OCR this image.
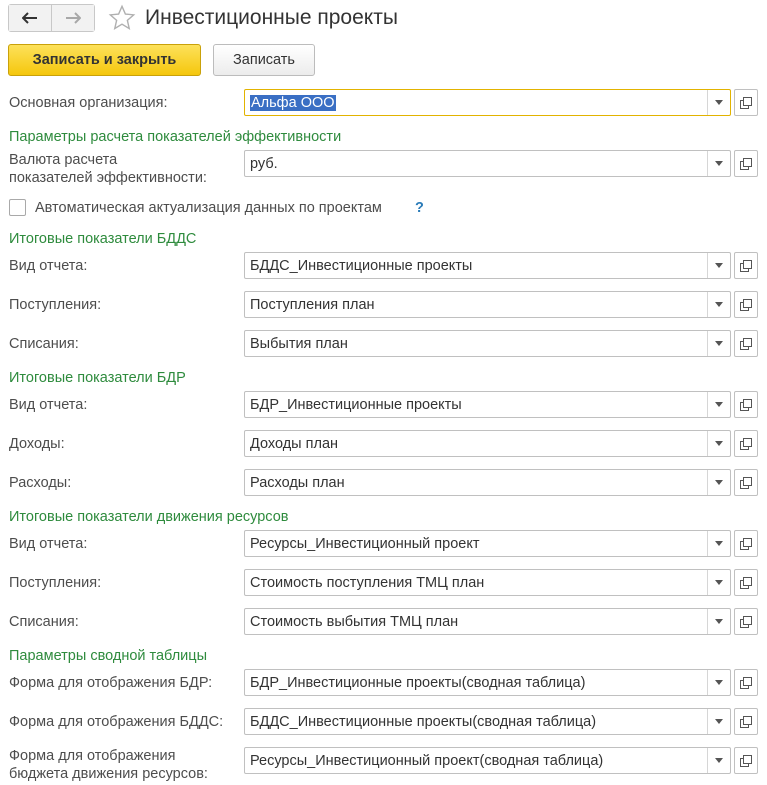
Инвестиционные проекты
Записать и закрыть	Записать
Основная организация:	Альфа ООО
Параметры расчета показателей эффективности
Валюта расчета
показателей эффективности:
руб.
Автоматическая актуализация данных по проектам ?
Итоговые показатели БДДС
Вид отчета:	БДДС_Инвестиционные проекты
Поступления:	Поступления план
Списания:	Выбытия план
Итоговые показатели БДР
Вид отчета:	БДР_Инвестиционные проекты
Доходы:	Доходы план
Расходы:	Расходы план
Итоговые показатели движения ресурсов
Вид отчета:	Ресурсы_Инвестиционный проект
Поступления:	Стоимость поступления ТМЦ план
Списания:	Стоимость выбытия ТМЦ план
Параметры сводной таблицы
Форма для отображения БДР:	БДР_Инвестиционные проекты(сводная таблица)
Форма для отображения БДДС:	БДДС_Инвестиционные проекты(сводная таблица)
Форма для отображения
бюджета движения ресурсов:
Ресурсы_Инвестиционный проект(сводная таблица)
